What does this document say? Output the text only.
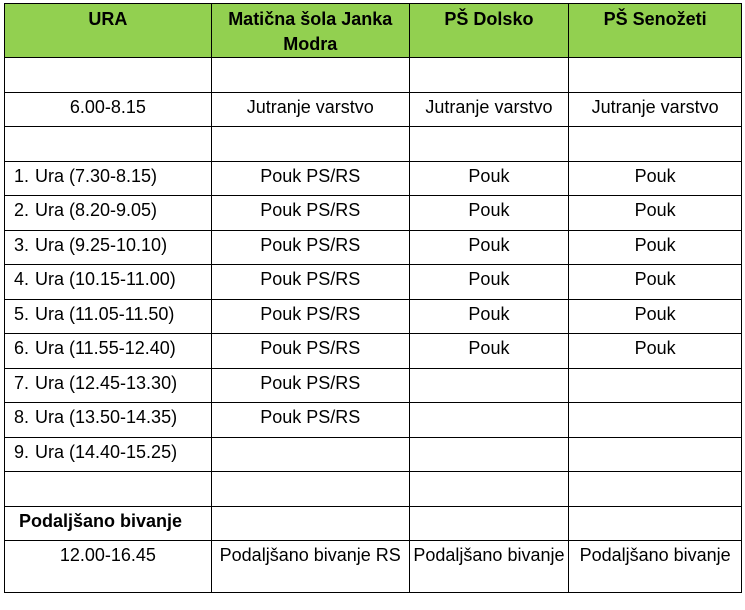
URA	Matična šola Janka Modra	PŠ Dolsko	PŠ Senožeti

6.00-8.15	Jutranje varstvo	Jutranje varstvo	Jutranje varstvo

1. Ura (7.30-8.15)	Pouk PS/RS	Pouk	Pouk

2. Ura (8.20-9.05)	Pouk PS/RS	Pouk	Pouk

3. Ura (9.25-10.10)	Pouk PS/RS	Pouk	Pouk

4. Ura (10.15-11.00)	Pouk PS/RS	Pouk	Pouk

5. Ura (11.05-11.50)	Pouk PS/RS	Pouk	Pouk

6. Ura (11.55-12.40)	Pouk PS/RS	Pouk	Pouk

7. Ura (12.45-13.30)	Pouk PS/RS		

8. Ura (13.50-14.35)	Pouk PS/RS		

9. Ura (14.40-15.25)			

Podaljšano bivanje			
12.00-16.45	Podaljšano bivanje RS	Podaljšano bivanje	Podaljšano bivanje
